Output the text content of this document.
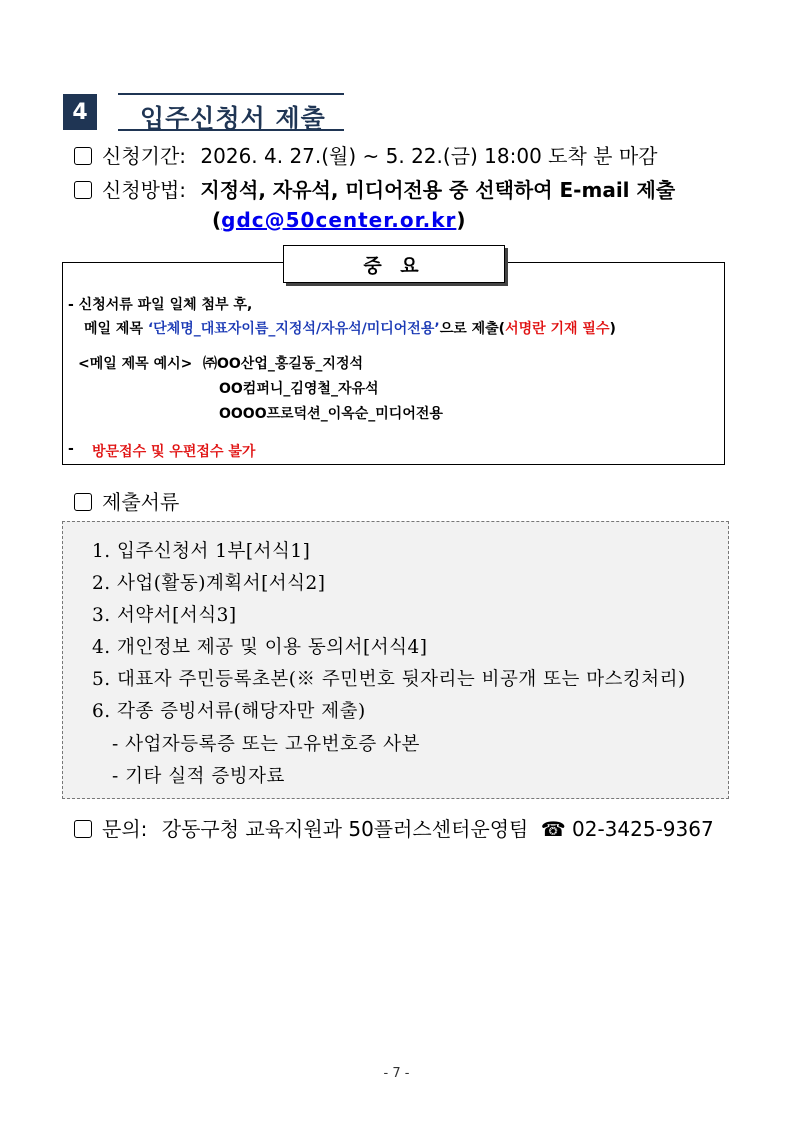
4	입주신청서 제출
신청기간: 2026. 4. 27.(월) ~ 5. 22.(금) 18:00 도착 분 마감
신청방법: 지정석, 자유석, 미디어전용 중 선택하여 E-mail 제출
(gdc@50center.or.kr)
중 요
- 신청서류 파일 일체 첨부 후,
메일 제목 ‘단체명_대표자이름_지정석/자유석/미디어전용’으로 제출(서명란 기재 필수)
<메일 제목 예시> ㈜OO산업_홍길동_지정석
OO컴퍼니_김영철_자유석
OOOO프로덕션_이옥순_미디어전용
- 방문접수 및 우편접수 불가
제출서류
1. 입주신청서 1부[서식1]
2. 사업(활동)계획서[서식2]
3. 서약서[서식3]
4. 개인정보 제공 및 이용 동의서[서식4]
5. 대표자 주민등록초본(※ 주민번호 뒷자리는 비공개 또는 마스킹처리)
6. 각종 증빙서류(해당자만 제출)
- 사업자등록증 또는 고유번호증 사본
- 기타 실적 증빙자료
문의: 강동구청 교육지원과 50플러스센터운영팀 ☎ 02-3425-9367
- 7 -
